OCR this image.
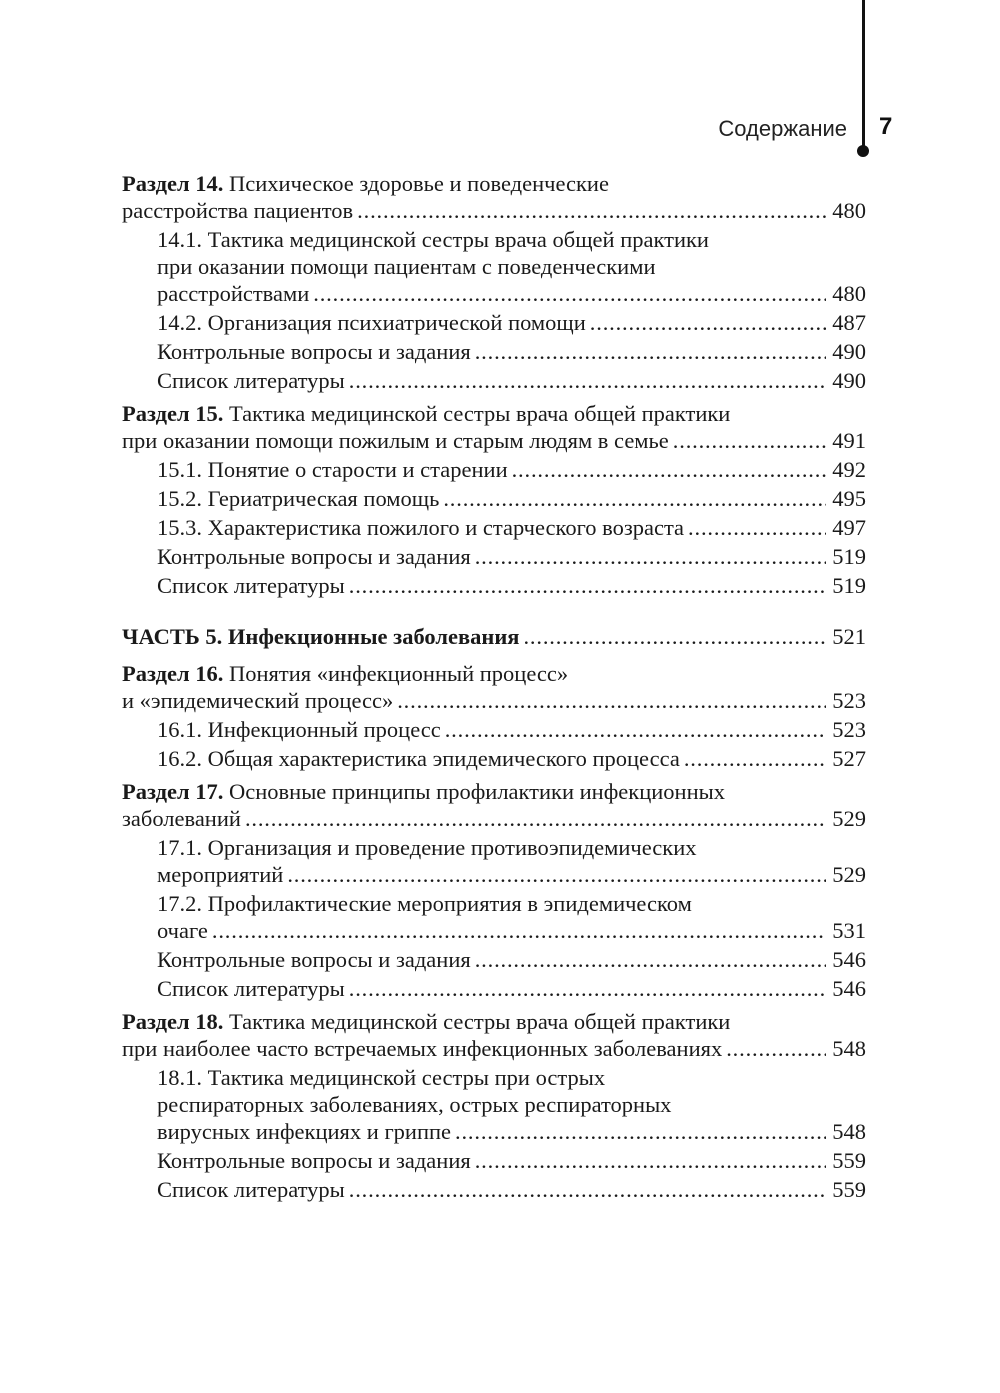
Содержание 7
Раздел 14. Психическое здоровье и поведенческие
расстройства пациентов . . .	480
14.1. Тактика медицинской сестры врача общей практики
при оказании помощи пациентам с поведенческими
расстройствами . . .	480
14.2. Организация психиатрической помощи . . .	487
Контрольные вопросы и задания . . .	490
Список литературы . . .	490
Раздел 15. Тактика медицинской сестры врача общей практики
при оказании помощи пожилым и старым людям в семье . . .	491
15.1. Понятие о старости и старении . . .	492
15.2. Гериатрическая помощь . . .	495
15.3. Характеристика пожилого и старческого возраста . . .	497
Контрольные вопросы и задания . . .	519
Список литературы . . .	519
ЧАСТЬ 5. Инфекционные заболевания . . .	521
Раздел 16. Понятия «инфекционный процесс»
и «эпидемический процесс» . . .	523
16.1. Инфекционный процесс . . .	523
16.2. Общая характеристика эпидемического процесса . . .	527
Раздел 17. Основные принципы профилактики инфекционных
заболеваний . . .	529
17.1. Организация и проведение противоэпидемических
мероприятий . . .	529
17.2. Профилактические мероприятия в эпидемическом
очаге . . .	531
Контрольные вопросы и задания . . .	546
Список литературы . . .	546
Раздел 18. Тактика медицинской сестры врача общей практики
при наиболее часто встречаемых инфекционных заболеваниях . . .	548
18.1. Тактика медицинской сестры при острых
респираторных заболеваниях, острых респираторных
вирусных инфекциях и гриппе . . .	548
Контрольные вопросы и задания . . .	559
Список литературы . . .	559
